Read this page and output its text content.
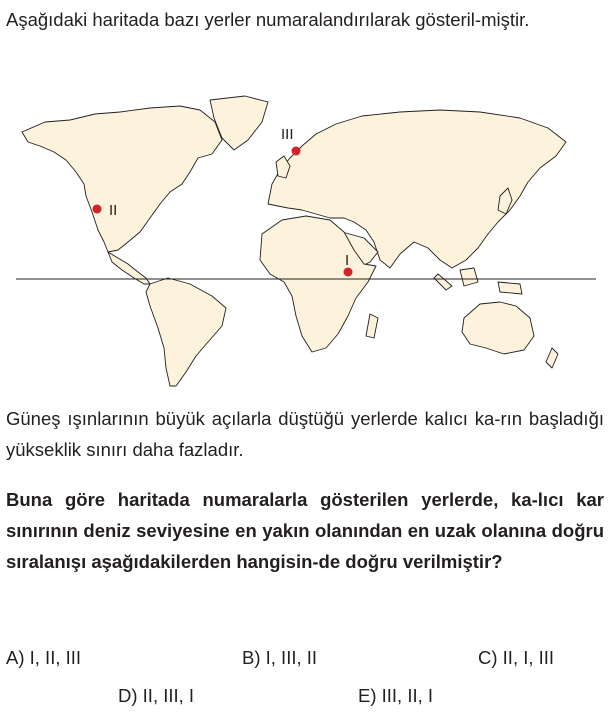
Aşağıdaki haritada bazı yerler numaralandırılarak gösteril-miştir.

I
II
III

Güneş ışınlarının büyük açılarla düştüğü yerlerde kalıcı ka-rın başladığı yükseklik sınırı daha fazladır.

Buna göre haritada numaralarla gösterilen yerlerde, ka-lıcı kar sınırının deniz seviyesine en yakın olanından en uzak olanına doğru sıralanışı aşağıdakilerden hangisin-de doğru verilmiştir?

A) I, II, III	B) I, III, II	C) II, I, III
D) II, III, I	E) III, II, I
